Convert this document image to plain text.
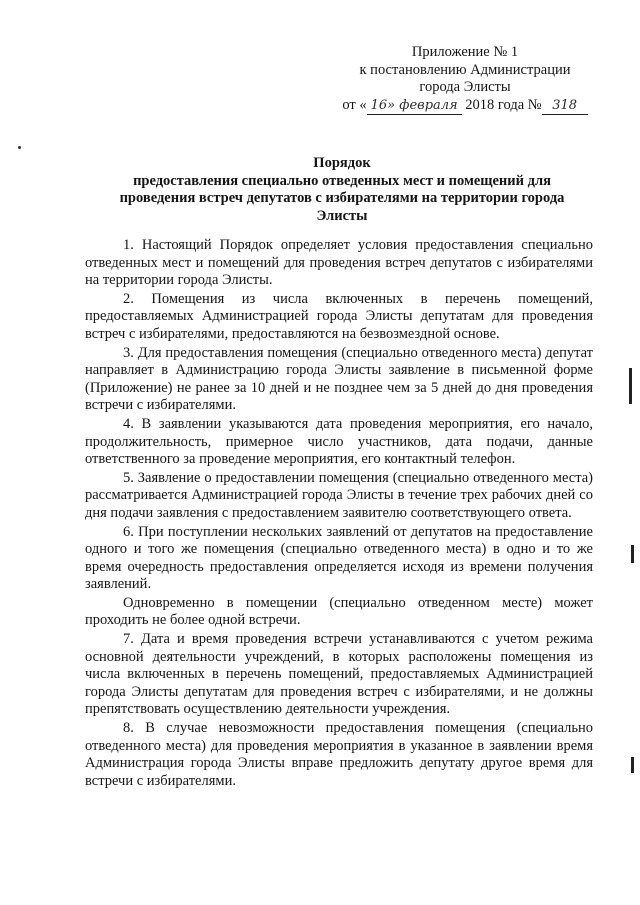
Приложение № 1
к постановлению Администрации
города Элисты
от « 16» февраля 2018 года № 318
Порядок
предоставления специально отведенных мест и помещений для
проведения встреч депутатов с избирателями на территории города
Элисты

1. Настоящий Порядок определяет условия предоставления специально отведенных мест и помещений для проведения встреч депутатов с избирателями на территории города Элисты.

2. Помещения из числа включенных в перечень помещений, предоставляемых Администрацией города Элисты депутатам для проведения встреч с избирателями, предоставляются на безвозмездной основе.

3. Для предоставления помещения (специально отведенного места) депутат направляет в Администрацию города Элисты заявление в письменной форме (Приложение) не ранее за 10 дней и не позднее чем за 5 дней до дня проведения встречи с избирателями.

4. В заявлении указываются дата проведения мероприятия, его начало, продолжительность, примерное число участников, дата подачи, данные ответственного за проведение мероприятия, его контактный телефон.

5. Заявление о предоставлении помещения (специально отведенного места) рассматривается Администрацией города Элисты в течение трех рабочих дней со дня подачи заявления с предоставлением заявителю соответствующего ответа.

6. При поступлении нескольких заявлений от депутатов на предоставление одного и того же помещения (специально отведенного места) в одно и то же время очередность предоставления определяется исходя из времени получения заявлений.

Одновременно в помещении (специально отведенном месте) может проходить не более одной встречи.

7. Дата и время проведения встречи устанавливаются с учетом режима основной деятельности учреждений, в которых расположены помещения из числа включенных в перечень помещений, предоставляемых Администрацией города Элисты депутатам для проведения встреч с избирателями, и не должны препятствовать осуществлению деятельности учреждения.

8. В случае невозможности предоставления помещения (специально отведенного места) для проведения мероприятия в указанное в заявлении время Администрация города Элисты вправе предложить депутату другое время для встречи с избирателями.
